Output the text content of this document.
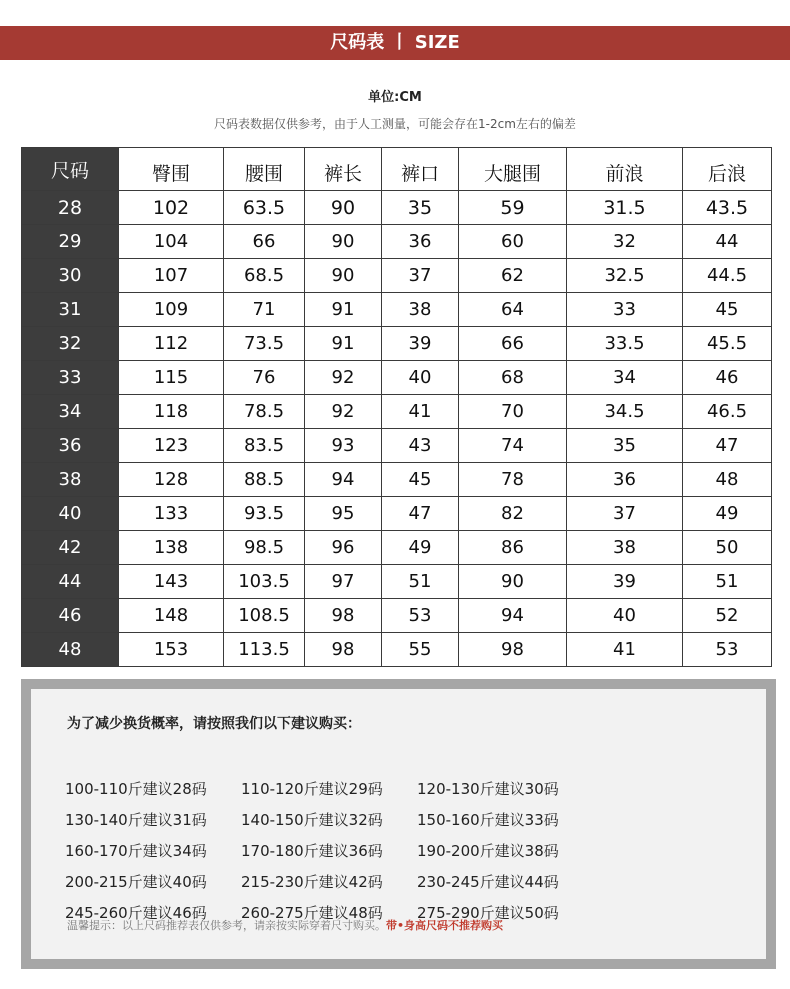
尺码表 丨 SIZE
单位:CM
尺码表数据仅供参考，由于人工测量，可能会存在1-2cm左右的偏差
尺码	臀围	腰围	裤长	裤口	大腿围	前浪	后浪
28	102	63.5	90	35	59	31.5	43.5
29	104	66	90	36	60	32	44
30	107	68.5	90	37	62	32.5	44.5
31	109	71	91	38	64	33	45
32	112	73.5	91	39	66	33.5	45.5
33	115	76	92	40	68	34	46
34	118	78.5	92	41	70	34.5	46.5
36	123	83.5	93	43	74	35	47
38	128	88.5	94	45	78	36	48
40	133	93.5	95	47	82	37	49
42	138	98.5	96	49	86	38	50
44	143	103.5	97	51	90	39	51
46	148	108.5	98	53	94	40	52
48	153	113.5	98	55	98	41	53
为了减少换货概率，请按照我们以下建议购买：
100-110斤建议28码	110-120斤建议29码	120-130斤建议30码
130-140斤建议31码	140-150斤建议32码	150-160斤建议33码
160-170斤建议34码	170-180斤建议36码	190-200斤建议38码
200-215斤建议40码	215-230斤建议42码	230-245斤建议44码
245-260斤建议46码	260-275斤建议48码	275-290斤建议50码
温馨提示：以上尺码推荐表仅供参考，请亲按实际穿着尺寸购买。带•身高尺码不推荐购买
